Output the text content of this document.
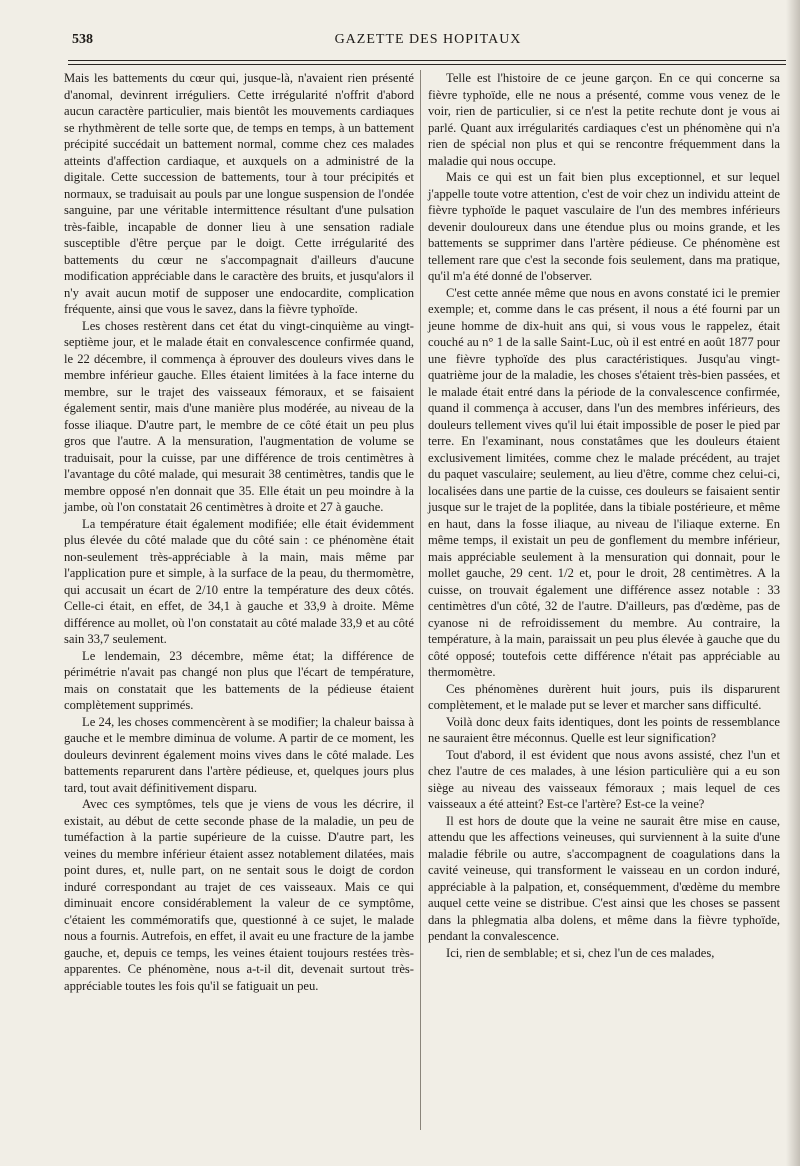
538	GAZETTE DES HOPITAUX

Mais les battements du cœur qui, jusque-là, n'avaient rien présenté d'anomal, devinrent irréguliers. Cette irrégularité n'offrit d'abord aucun caractère particulier, mais bientôt les mouvements cardiaques se rhythmèrent de telle sorte que, de temps en temps, à un battement précipité succédait un battement normal, comme chez ces malades atteints d'affection cardiaque, et auxquels on a administré de la digitale. Cette succession de battements, tour à tour précipités et normaux, se traduisait au pouls par une longue suspension de l'ondée sanguine, par une véritable intermittence résultant d'une pulsation très-faible, incapable de donner lieu à une sensation radiale susceptible d'être perçue par le doigt. Cette irrégularité des battements du cœur ne s'accompagnait d'ailleurs d'aucune modification appréciable dans le caractère des bruits, et jusqu'alors il n'y avait aucun motif de supposer une endocardite, complication fréquente, ainsi que vous le savez, dans la fièvre typhoïde.

Les choses restèrent dans cet état du vingt-cinquième au vingt-septième jour, et le malade était en convalescence confirmée quand, le 22 décembre, il commença à éprouver des douleurs vives dans le membre inférieur gauche. Elles étaient limitées à la face interne du membre, sur le trajet des vaisseaux fémoraux, et se faisaient également sentir, mais d'une manière plus modérée, au niveau de la fosse iliaque. D'autre part, le membre de ce côté était un peu plus gros que l'autre. A la mensuration, l'augmentation de volume se traduisait, pour la cuisse, par une différence de trois centimètres à l'avantage du côté malade, qui mesurait 38 centimètres, tandis que le membre opposé n'en donnait que 35. Elle était un peu moindre à la jambe, où l'on constatait 26 centimètres à droite et 27 à gauche.

La température était également modifiée; elle était évidemment plus élevée du côté malade que du côté sain : ce phénomène était non-seulement très-appréciable à la main, mais même par l'application pure et simple, à la surface de la peau, du thermomètre, qui accusait un écart de 2/10 entre la température des deux côtés. Celle-ci était, en effet, de 34,1 à gauche et 33,9 à droite. Même différence au mollet, où l'on constatait au côté malade 33,9 et au côté sain 33,7 seulement.

Le lendemain, 23 décembre, même état; la différence de périmétrie n'avait pas changé non plus que l'écart de température, mais on constatait que les battements de la pédieuse étaient complètement supprimés.

Le 24, les choses commencèrent à se modifier; la chaleur baissa à gauche et le membre diminua de volume. A partir de ce moment, les douleurs devinrent également moins vives dans le côté malade. Les battements reparurent dans l'artère pédieuse, et, quelques jours plus tard, tout avait définitivement disparu.

Avec ces symptômes, tels que je viens de vous les décrire, il existait, au début de cette seconde phase de la maladie, un peu de tuméfaction à la partie supérieure de la cuisse. D'autre part, les veines du membre inférieur étaient assez notablement dilatées, mais point dures, et, nulle part, on ne sentait sous le doigt de cordon induré correspondant au trajet de ces vaisseaux. Mais ce qui diminuait encore considérablement la valeur de ce symptôme, c'étaient les commémoratifs que, questionné à ce sujet, le malade nous a fournis. Autrefois, en effet, il avait eu une fracture de la jambe gauche, et, depuis ce temps, les veines étaient toujours restées très-apparentes. Ce phénomène, nous a-t-il dit, devenait surtout très-appréciable toutes les fois qu'il se fatiguait un peu.

Telle est l'histoire de ce jeune garçon. En ce qui concerne sa fièvre typhoïde, elle ne nous a présenté, comme vous venez de le voir, rien de particulier, si ce n'est la petite rechute dont je vous ai parlé. Quant aux irrégularités cardiaques c'est un phénomène qui n'a rien de spécial non plus et qui se rencontre fréquemment dans la maladie qui nous occupe.

Mais ce qui est un fait bien plus exceptionnel, et sur lequel j'appelle toute votre attention, c'est de voir chez un individu atteint de fièvre typhoïde le paquet vasculaire de l'un des membres inférieurs devenir douloureux dans une étendue plus ou moins grande, et les battements se supprimer dans l'artère pédieuse. Ce phénomène est tellement rare que c'est la seconde fois seulement, dans ma pratique, qu'il m'a été donné de l'observer.

C'est cette année même que nous en avons constaté ici le premier exemple; et, comme dans le cas présent, il nous a été fourni par un jeune homme de dix-huit ans qui, si vous vous le rappelez, était couché au n° 1 de la salle Saint-Luc, où il est entré en août 1877 pour une fièvre typhoïde des plus caractéristiques. Jusqu'au vingt-quatrième jour de la maladie, les choses s'étaient très-bien passées, et le malade était entré dans la période de la convalescence confirmée, quand il commença à accuser, dans l'un des membres inférieurs, des douleurs tellement vives qu'il lui était impossible de poser le pied par terre. En l'examinant, nous constatâmes que les douleurs étaient exclusivement limitées, comme chez le malade précédent, au trajet du paquet vasculaire; seulement, au lieu d'être, comme chez celui-ci, localisées dans une partie de la cuisse, ces douleurs se faisaient sentir jusque sur le trajet de la poplitée, dans la tibiale postérieure, et même en haut, dans la fosse iliaque, au niveau de l'iliaque externe. En même temps, il existait un peu de gonflement du membre inférieur, mais appréciable seulement à la mensuration qui donnait, pour le mollet gauche, 29 cent. 1/2 et, pour le droit, 28 centimètres. A la cuisse, on trouvait également une différence assez notable : 33 centimètres d'un côté, 32 de l'autre. D'ailleurs, pas d'œdème, pas de cyanose ni de refroidissement du membre. Au contraire, la température, à la main, paraissait un peu plus élevée à gauche que du côté opposé; toutefois cette différence n'était pas appréciable au thermomètre.

Ces phénomènes durèrent huit jours, puis ils disparurent complètement, et le malade put se lever et marcher sans difficulté.

Voilà donc deux faits identiques, dont les points de ressemblance ne sauraient être méconnus. Quelle est leur signification?

Tout d'abord, il est évident que nous avons assisté, chez l'un et chez l'autre de ces malades, à une lésion particulière qui a eu son siège au niveau des vaisseaux fémoraux ; mais lequel de ces vaisseaux a été atteint? Est-ce l'artère? Est-ce la veine?

Il est hors de doute que la veine ne saurait être mise en cause, attendu que les affections veineuses, qui surviennent à la suite d'une maladie fébrile ou autre, s'accompagnent de coagulations dans la cavité veineuse, qui transforment le vaisseau en un cordon induré, appréciable à la palpation, et, conséquemment, d'œdème du membre auquel cette veine se distribue. C'est ainsi que les choses se passent dans la phlegmatia alba dolens, et même dans la fièvre typhoïde, pendant la convalescence.

Ici, rien de semblable; et si, chez l'un de ces malades,
